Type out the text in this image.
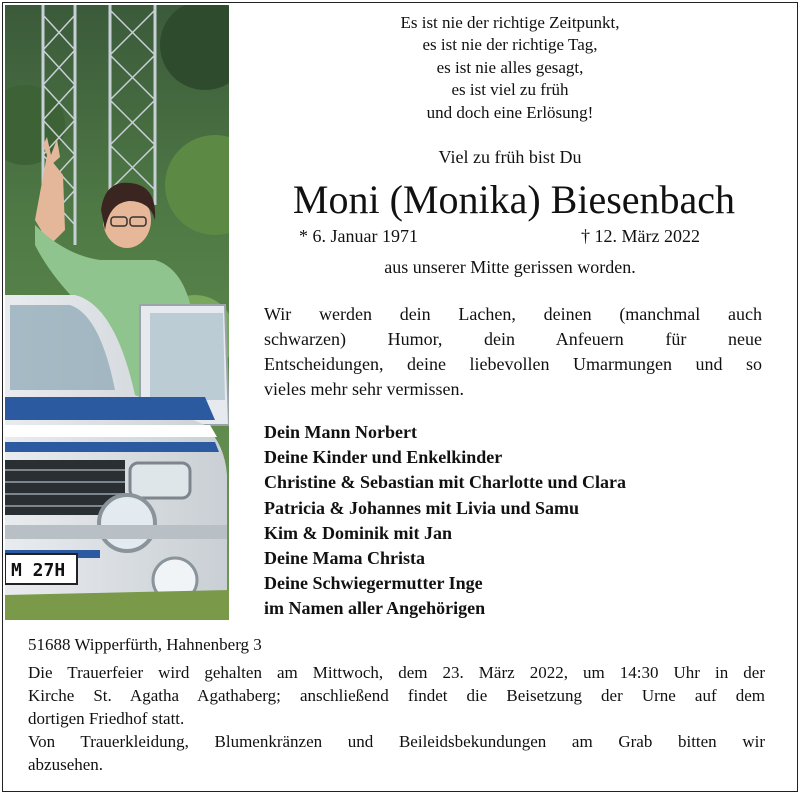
M 27H
Es ist nie der richtige Zeitpunkt,
es ist nie der richtige Tag,
es ist nie alles gesagt,
es ist viel zu früh
und doch eine Erlösung!
Viel zu früh bist Du
Moni (Monika) Biesenbach
* 6. Januar 1971	† 12. März 2022
aus unserer Mitte gerissen worden.
Wir werden dein Lachen, deinen (manchmal auch
schwarzen) Humor, dein Anfeuern für neue
Entscheidungen, deine liebevollen Umarmungen und so
vieles mehr sehr vermissen.
Dein Mann Norbert
Deine Kinder und Enkelkinder
Christine & Sebastian mit Charlotte und Clara
Patricia & Johannes mit Livia und Samu
Kim & Dominik mit Jan
Deine Mama Christa
Deine Schwiegermutter Inge
im Namen aller Angehörigen
51688 Wipperfürth, Hahnenberg 3
Die Trauerfeier wird gehalten am Mittwoch, dem 23. März 2022, um 14:30 Uhr in der
Kirche St. Agatha Agathaberg; anschließend findet die Beisetzung der Urne auf dem
dortigen Friedhof statt.
Von Trauerkleidung, Blumenkränzen und Beileidsbekundungen am Grab bitten wir
abzusehen.
